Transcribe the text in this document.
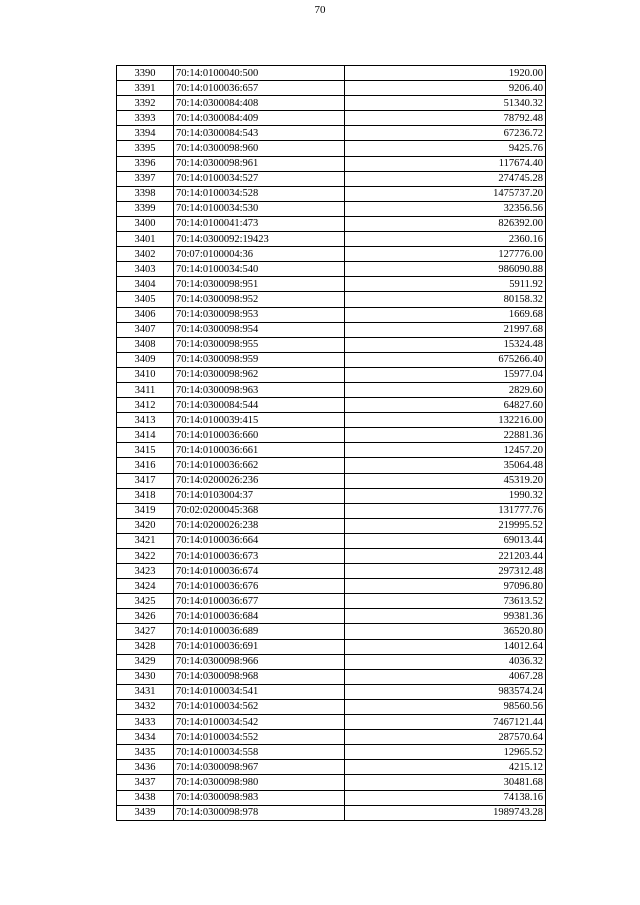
70
3390	70:14:0100040:500	1920.00
3391	70:14:0100036:657	9206.40
3392	70:14:0300084:408	51340.32
3393	70:14:0300084:409	78792.48
3394	70:14:0300084:543	67236.72
3395	70:14:0300098:960	9425.76
3396	70:14:0300098:961	117674.40
3397	70:14:0100034:527	274745.28
3398	70:14:0100034:528	1475737.20
3399	70:14:0100034:530	32356.56
3400	70:14:0100041:473	826392.00
3401	70:14:0300092:19423	2360.16
3402	70:07:0100004:36	127776.00
3403	70:14:0100034:540	986090.88
3404	70:14:0300098:951	5911.92
3405	70:14:0300098:952	80158.32
3406	70:14:0300098:953	1669.68
3407	70:14:0300098:954	21997.68
3408	70:14:0300098:955	15324.48
3409	70:14:0300098:959	675266.40
3410	70:14:0300098:962	15977.04
3411	70:14:0300098:963	2829.60
3412	70:14:0300084:544	64827.60
3413	70:14:0100039:415	132216.00
3414	70:14:0100036:660	22881.36
3415	70:14:0100036:661	12457.20
3416	70:14:0100036:662	35064.48
3417	70:14:0200026:236	45319.20
3418	70:14:0103004:37	1990.32
3419	70:02:0200045:368	131777.76
3420	70:14:0200026:238	219995.52
3421	70:14:0100036:664	69013.44
3422	70:14:0100036:673	221203.44
3423	70:14:0100036:674	297312.48
3424	70:14:0100036:676	97096.80
3425	70:14:0100036:677	73613.52
3426	70:14:0100036:684	99381.36
3427	70:14:0100036:689	36520.80
3428	70:14:0100036:691	14012.64
3429	70:14:0300098:966	4036.32
3430	70:14:0300098:968	4067.28
3431	70:14:0100034:541	983574.24
3432	70:14:0100034:562	98560.56
3433	70:14:0100034:542	7467121.44
3434	70:14:0100034:552	287570.64
3435	70:14:0100034:558	12965.52
3436	70:14:0300098:967	4215.12
3437	70:14:0300098:980	30481.68
3438	70:14:0300098:983	74138.16
3439	70:14:0300098:978	1989743.28
